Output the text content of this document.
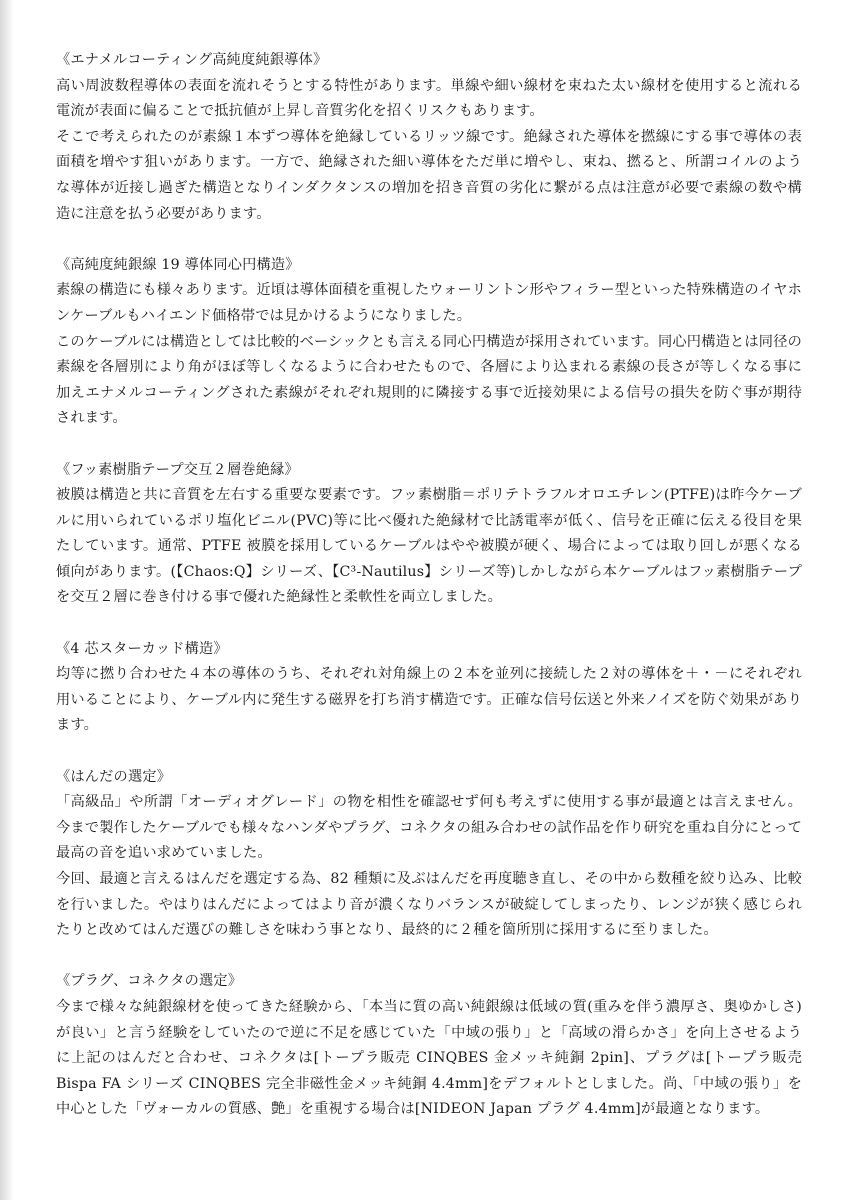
《エナメルコーティング高純度純銀導体》

高い周波数程導体の表面を流れそうとする特性があります。単線や細い線材を束ねた太い線材を使用すると流れる電流が表面に偏ることで抵抗値が上昇し音質劣化を招くリスクもあります。

そこで考えられたのが素線１本ずつ導体を絶縁しているリッツ線です。絶縁された導体を撚線にする事で導体の表面積を増やす狙いがあります。一方で、絶縁された細い導体をただ単に増やし、束ね、撚ると、所謂コイルのような導体が近接し過ぎた構造となりインダクタンスの増加を招き音質の劣化に繋がる点は注意が必要で素線の数や構造に注意を払う必要があります。

《高純度純銀線 19 導体同心円構造》

素線の構造にも様々あります。近頃は導体面積を重視したウォーリントン形やフィラー型といった特殊構造のイヤホンケーブルもハイエンド価格帯では見かけるようになりました。

このケーブルには構造としては比較的ベーシックとも言える同心円構造が採用されています。同心円構造とは同径の素線を各層別により角がほぼ等しくなるように合わせたもので、各層により込まれる素線の長さが等しくなる事に加えエナメルコーティングされた素線がそれぞれ規則的に隣接する事で近接効果による信号の損失を防ぐ事が期待されます。

《フッ素樹脂テープ交互２層巻絶縁》

被膜は構造と共に音質を左右する重要な要素です。フッ素樹脂＝ポリテトラフルオロエチレン(PTFE)は昨今ケーブルに用いられているポリ塩化ビニル(PVC)等に比べ優れた絶縁材で比誘電率が低く、信号を正確に伝える役目を果たしています。通常、PTFE 被膜を採用しているケーブルはやや被膜が硬く、場合によっては取り回しが悪くなる傾向があります。(【Chaos:Q】シリーズ、【C³-Nautilus】シリーズ等)しかしながら本ケーブルはフッ素樹脂テープを交互２層に巻き付ける事で優れた絶縁性と柔軟性を両立しました。

《4 芯スターカッド構造》

均等に撚り合わせた４本の導体のうち、それぞれ対角線上の２本を並列に接続した２対の導体を＋・－にそれぞれ用いることにより、ケーブル内に発生する磁界を打ち消す構造です。正確な信号伝送と外来ノイズを防ぐ効果があります。

《はんだの選定》

「高級品」や所謂「オーディオグレード」の物を相性を確認せず何も考えずに使用する事が最適とは言えません。 今まで製作したケーブルでも様々なハンダやプラグ、コネクタの組み合わせの試作品を作り研究を重ね自分にとって最高の音を追い求めていました。

今回、最適と言えるはんだを選定する為、82 種類に及ぶはんだを再度聴き直し、その中から数種を絞り込み、比較を行いました。やはりはんだによってはより音が濃くなりバランスが破綻してしまったり、レンジが狭く感じられたりと改めてはんだ選びの難しさを味わう事となり、最終的に２種を箇所別に採用するに至りました。

《プラグ、コネクタの選定》

今まで様々な純銀線材を使ってきた経験から、「本当に質の高い純銀線は低域の質(重みを伴う濃厚さ、奥ゆかしさ)が良い」と言う経験をしていたので逆に不足を感じていた「中域の張り」と「高域の滑らかさ」を向上させるように上記のはんだと合わせ、コネクタは[トープラ販売 CINQBES 金メッキ純銅 2pin]、プラグは[トープラ販売 Bispa FA シリーズ CINQBES 完全非磁性金メッキ純銅 4.4mm]をデフォルトとしました。尚、「中域の張り」を中心とした「ヴォーカルの質感、艶」を重視する場合は[NIDEON Japan プラグ 4.4mm]が最適となります。
